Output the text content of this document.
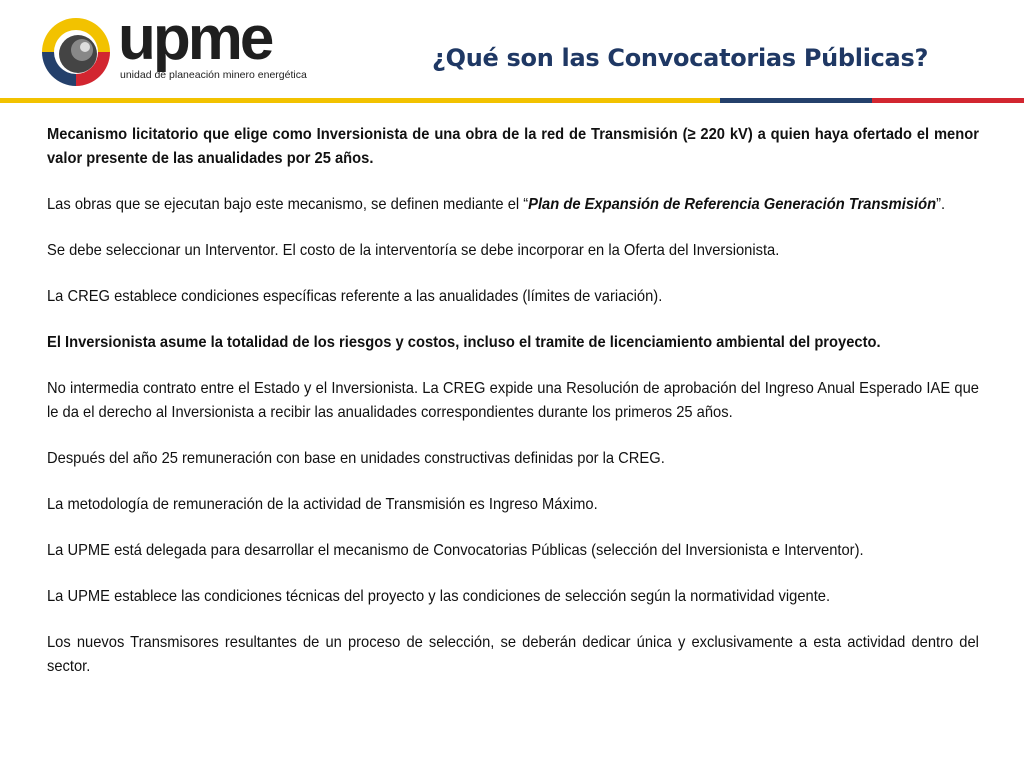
upme
unidad de planeación minero energética
¿Qué son las Convocatorias Públicas?

Mecanismo licitatorio que elige como Inversionista de una obra de la red de Transmisión (≥ 220 kV) a quien haya ofertado el menor valor presente de las anualidades por 25 años.

Las obras que se ejecutan bajo este mecanismo, se definen mediante el “Plan de Expansión de Referencia Generación Transmisión”.

Se debe seleccionar un Interventor. El costo de la interventoría se debe incorporar en la Oferta del Inversionista.

La CREG establece condiciones específicas referente a las anualidades (límites de variación).

El Inversionista asume la totalidad de los riesgos y costos, incluso el tramite de licenciamiento ambiental del proyecto.

No intermedia contrato entre el Estado y el Inversionista. La CREG expide una Resolución de aprobación del Ingreso Anual Esperado IAE que le da el derecho al Inversionista a recibir las anualidades correspondientes durante los primeros 25 años.

Después del año 25 remuneración con base en unidades constructivas definidas por la CREG.

La metodología de remuneración de la actividad de Transmisión es Ingreso Máximo.

La UPME está delegada para desarrollar el mecanismo de Convocatorias Públicas (selección del Inversionista e Interventor).

La UPME establece las condiciones técnicas del proyecto y las condiciones de selección según la normatividad vigente.

Los nuevos Transmisores resultantes de un proceso de selección, se deberán dedicar única y exclusivamente a esta actividad dentro del sector.
